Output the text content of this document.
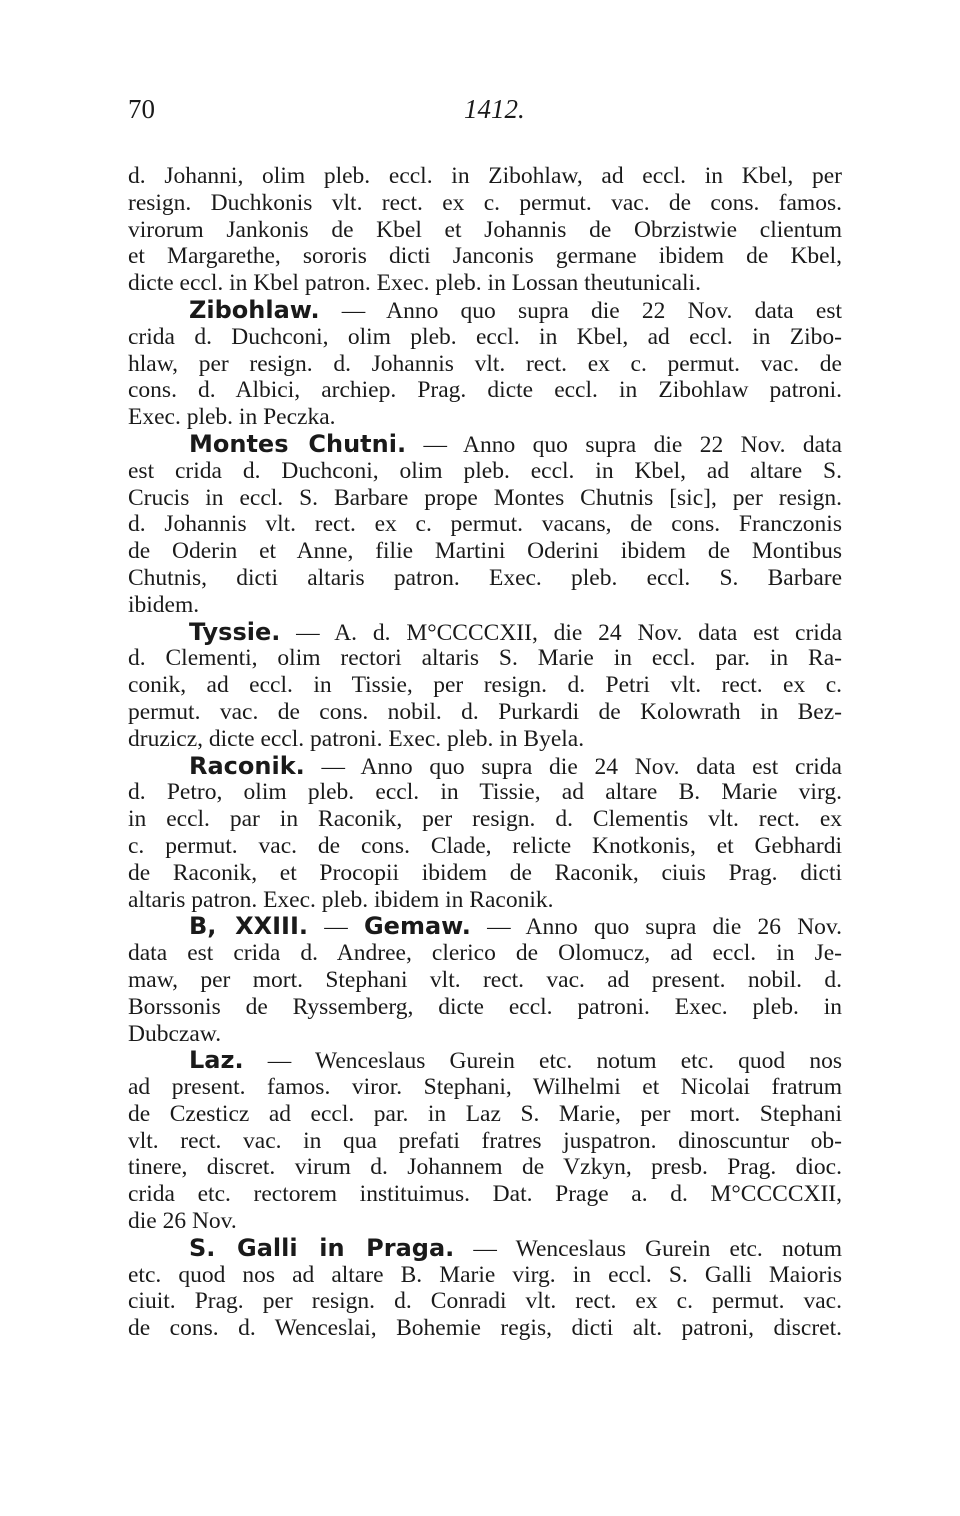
70	1412.
d. Johanni, olim pleb. eccl. in Zibohlaw, ad eccl. in Kbel, per
resign. Duchkonis vlt. rect. ex c. permut. vac. de cons. famos.
virorum Jankonis de Kbel et Johannis de Obrzistwie clientum
et Margarethe, sororis dicti Janconis germane ibidem de Kbel,
dicte eccl. in Kbel patron. Exec. pleb. in Lossan theutunicali.
Zibohlaw. — Anno quo supra die 22 Nov. data est
crida d. Duchconi, olim pleb. eccl. in Kbel, ad eccl. in Zibo-
hlaw, per resign. d. Johannis vlt. rect. ex c. permut. vac. de
cons. d. Albici, archiep. Prag. dicte eccl. in Zibohlaw patroni.
Exec. pleb. in Peczka.
Montes Chutni. — Anno quo supra die 22 Nov. data
est crida d. Duchconi, olim pleb. eccl. in Kbel, ad altare S.
Crucis in eccl. S. Barbare prope Montes Chutnis [sic], per resign.
d. Johannis vlt. rect. ex c. permut. vacans, de cons. Franczonis
de Oderin et Anne, filie Martini Oderini ibidem de Montibus
Chutnis, dicti altaris patron. Exec. pleb. eccl. S. Barbare
ibidem.
Tyssie. — A. d. M°CCCCXII, die 24 Nov. data est crida
d. Clementi, olim rectori altaris S. Marie in eccl. par. in Ra-
conik, ad eccl. in Tissie, per resign. d. Petri vlt. rect. ex c.
permut. vac. de cons. nobil. d. Purkardi de Kolowrath in Bez-
druzicz, dicte eccl. patroni. Exec. pleb. in Byela.
Raconik. — Anno quo supra die 24 Nov. data est crida
d. Petro, olim pleb. eccl. in Tissie, ad altare B. Marie virg.
in eccl. par in Raconik, per resign. d. Clementis vlt. rect. ex
c. permut. vac. de cons. Clade, relicte Knotkonis, et Gebhardi
de Raconik, et Procopii ibidem de Raconik, ciuis Prag. dicti
altaris patron. Exec. pleb. ibidem in Raconik.
B, XXIII. — Gemaw. — Anno quo supra die 26 Nov.
data est crida d. Andree, clerico de Olomucz, ad eccl. in Je-
maw, per mort. Stephani vlt. rect. vac. ad present. nobil. d.
Borssonis de Ryssemberg, dicte eccl. patroni. Exec. pleb. in
Dubczaw.
Laz. — Wenceslaus Gurein etc. notum etc. quod nos
ad present. famos. viror. Stephani, Wilhelmi et Nicolai fratrum
de Czesticz ad eccl. par. in Laz S. Marie, per mort. Stephani
vlt. rect. vac. in qua prefati fratres juspatron. dinoscuntur ob-
tinere, discret. virum d. Johannem de Vzkyn, presb. Prag. dioc.
crida etc. rectorem instituimus. Dat. Prage a. d. M°CCCCXII,
die 26 Nov.
S. Galli in Praga. — Wenceslaus Gurein etc. notum
etc. quod nos ad altare B. Marie virg. in eccl. S. Galli Maioris
ciuit. Prag. per resign. d. Conradi vlt. rect. ex c. permut. vac.
de cons. d. Wenceslai, Bohemie regis, dicti alt. patroni, discret.
